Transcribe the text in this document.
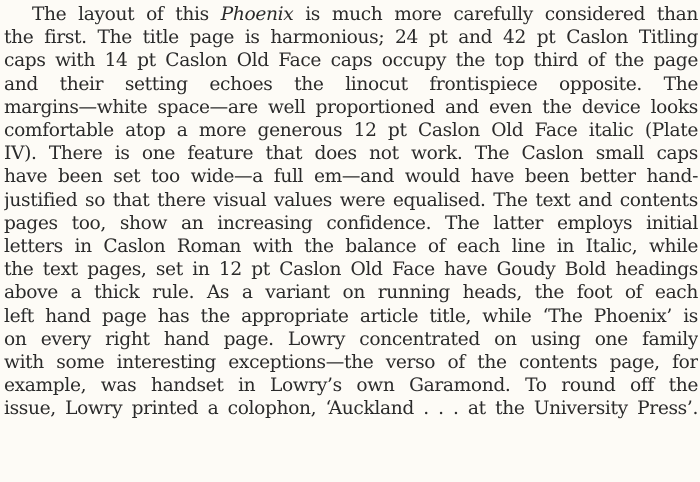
The layout of this Phoenix is much more carefully considered than
the first. The title page is harmonious; 24 pt and 42 pt Caslon Titling
caps with 14 pt Caslon Old Face caps occupy the top third of the page
and their setting echoes the linocut frontispiece opposite. The
margins—white space—are well proportioned and even the device looks
comfortable atop a more generous 12 pt Caslon Old Face italic (Plate
IV). There is one feature that does not work. The Caslon small caps
have been set too wide—a full em—and would have been better hand-
justified so that there visual values were equalised. The text and contents
pages too, show an increasing confidence. The latter employs initial
letters in Caslon Roman with the balance of each line in Italic, while
the text pages, set in 12 pt Caslon Old Face have Goudy Bold headings
above a thick rule. As a variant on running heads, the foot of each
left hand page has the appropriate article title, while ‘The Phoenix’ is
on every right hand page. Lowry concentrated on using one family
with some interesting exceptions—the verso of the contents page, for
example, was handset in Lowry’s own Garamond. To round off the
issue, Lowry printed a colophon, ‘Auckland . . . at the University Press’.
